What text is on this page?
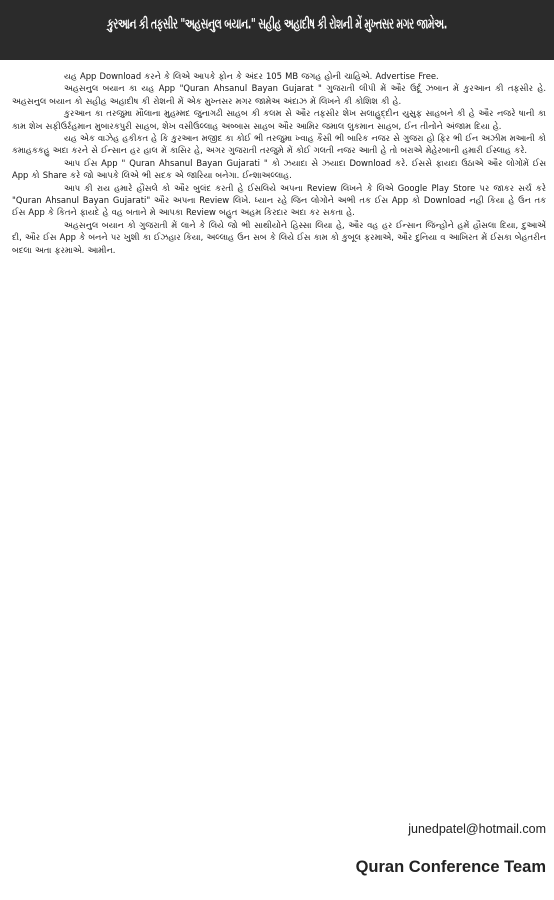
કુરઆન કી તફસીર "અહસનુલ બયાન." સહીહ અહાદીષ કી રોશની મેં મુખ્તસર મગર જામેઅ.

યહ App Download કરને કે લિએ આપકે ફોન કે અંદર 105 MB જગહ હોની ચાહિએ. Advertise Free.

અહસનુલ બયાન કા યહ App "Quran Ahsanul Bayan Gujarat " ગુજરાતી લીપી મેં ઔર ઉર્દૂ ઝબાન મેં કુરઆન કી તફસીર હે. અહસનુલ બયાન કો સહીહ અહાદીષ કી રોશની મેં એક મુખ્તસર મગર જામેઅ અંદાઝ મેં લિખને કી કોશિશ કી હે.

કુરઆન કા તરજુમા મૌલાના મુહમ્મદ જુનાગઢી સાહબ કી કલમ સે ઔર તફસીર શેખ સલાહુદ્દીન યુસુફ સાહબને કી હે ઔર નજરે ષાની કા કામ શેખ સફીઉર્રહમાન મુબારકપુરી સાહબ, શેખ વસીઉલ્લાહ અબ્બાસ સાહબ ઔર આમિર જમાલ લુકમાન સાહબ, ઈન તીનોંને અંજામ દિયા હે.

યહ એક વાઝેહ હકીકત હે કિ કુરઆન મજીદ કા કોઈ ભી તરજુમા ખ્વાહ કૈસી ભી બારિક નજર સે ગુજરા હો ફિર ભી ઈન અઝીમ મઆની કો કમાહકકહુ અદા કરને સે ઈન્સાન હર હાલ મેં કાસિર હે, અગર ગુજરાતી તરજુમે મેં કોઈ ગલતી નજર આતી હે તો બરાએ મેહેરબાની હમારી ઈસ્લાહ કરે.

આપ ઈસ App " Quran Ahsanul Bayan Gujarati " કો ઝયાદા સે ઝયાદા Download કરે. ઈસસે ફાયદા ઉઠાએ ઔર લોગોંમેં ઈસ App કો Share કરે જો આપકે લિએ ભી સદક એ જારિયા બનેગા. ઈન્શાઅલ્લાહ.

આપ કી રાય હમારે હૌંસલે કો ઔર બુલંદ કરતી હે ઈસલિયે અપના Review લિખને કે લિએ Google Play Store પર જાકર સર્ચ કરે "Quran Ahsanul Bayan Gujarati" ઔર અપના Review લિખે. ધ્યાન રહે જિન લોગોંને અભી તક ઈસ App કો Download નહી કિયા હે ઉન તક ઈસ App કે કિતને ફાયદે હે વહ બતાને મે આપકા Review બહુત અહમ કિરદાર અદા કર સકતા હે.

અહસનુલ બયાન કો ગુજરાતી મેં લાને કે લિયે જો ભી સાથીયોંને હિસ્સા લિયા હે, ઔર વહ હર ઈન્સાન જિન્હોંને હમેં હૌસલા દિયા, દુઆએં દી, ઔર ઈસ App કે બનને પર ખુશી કા ઈઝહાર કિયા, અલ્લાહ ઉન સબ કે લિયે ઈસ કામ કો કુબૂલ ફરમાએ, ઔર દુનિયા વ આખિરત મેં ઈસકા બેહતરીન બદલા અતા ફરમાએ. આમીન.

junedpatel@hotmail.com
Quran Conference Team
